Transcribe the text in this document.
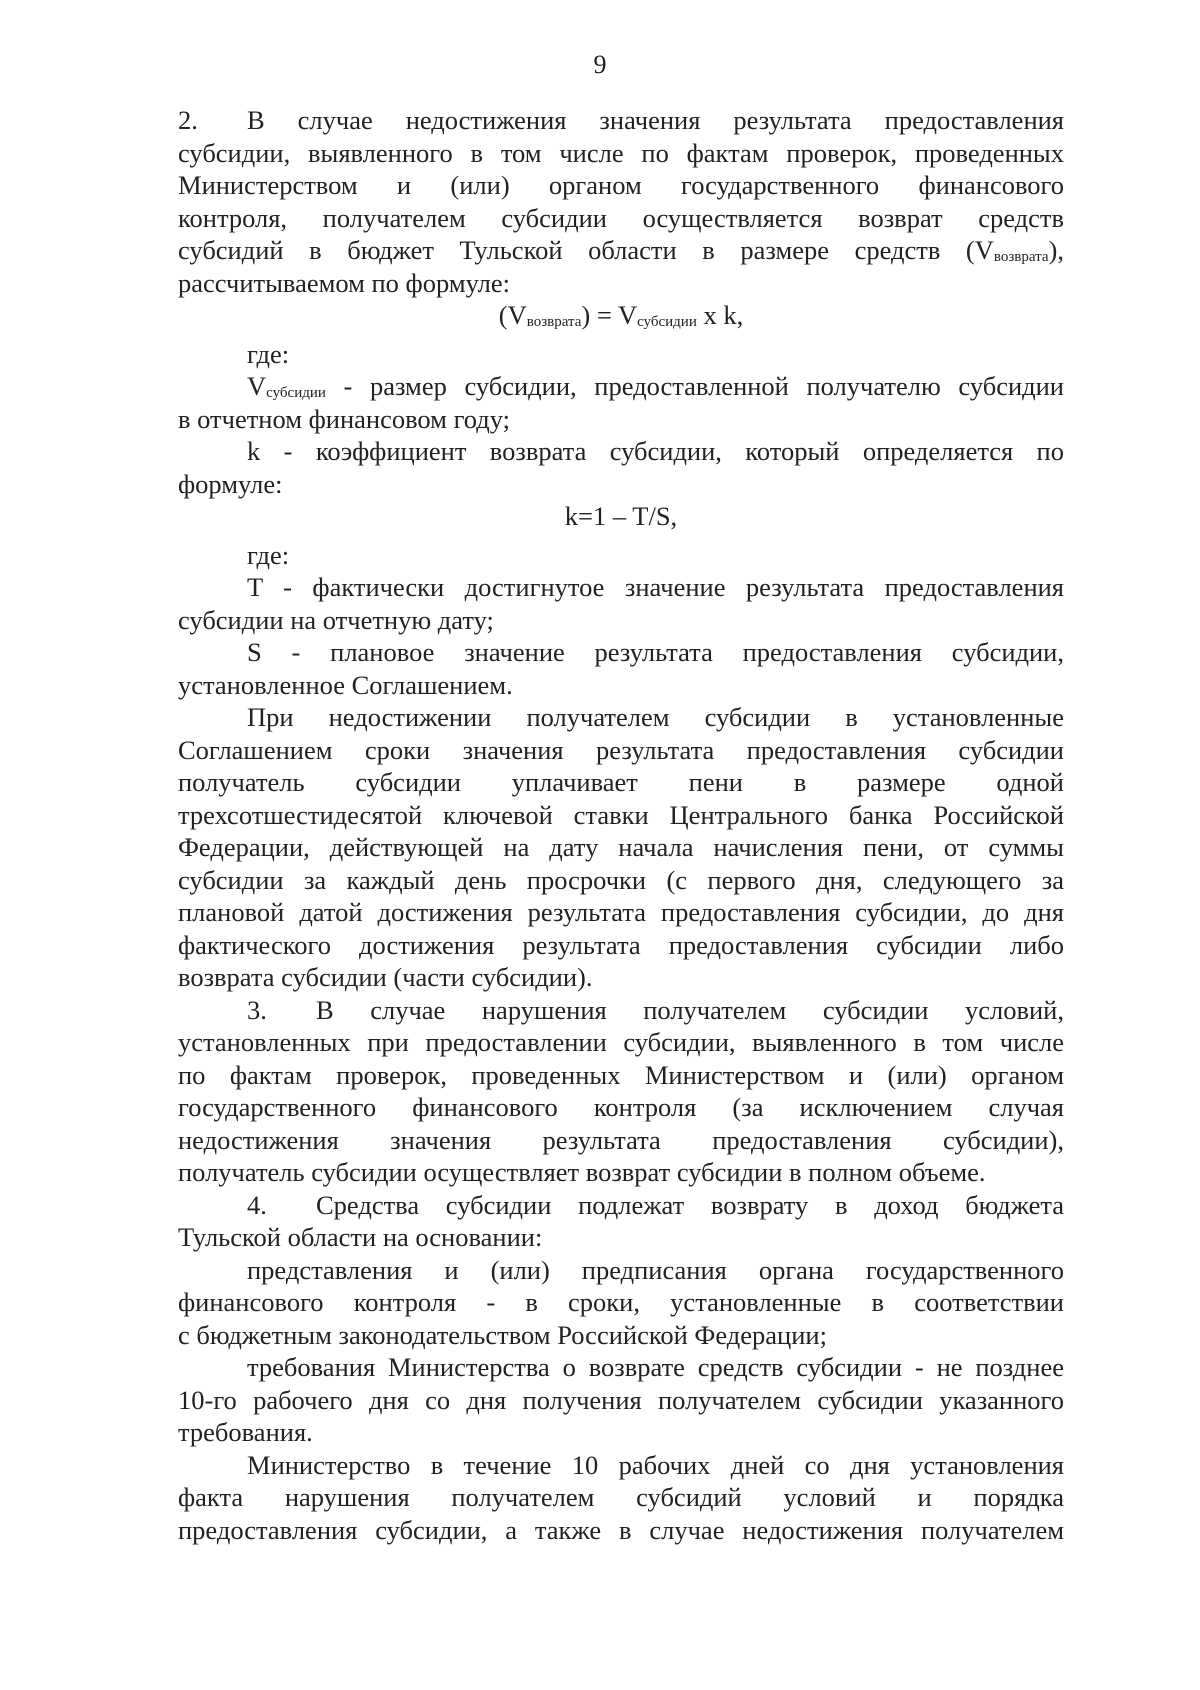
9

2. В случае недостижения значения результата предоставления

субсидии, выявленного в том числе по фактам проверок, проведенных

Министерством и (или) органом государственного финансового

контроля, получателем субсидии осуществляется возврат средств

субсидий в бюджет Тульской области в размере средств $(V_{возврата})$,

рассчитываемом по формуле:

$(V_{возврата}) = V_{субсидии}$ x k,

где:

$V_{субсидии}$ - размер субсидии, предоставленной получателю субсидии

в отчетном финансовом году;

k - коэффициент возврата субсидии, который определяется по

формуле:

k=1 – T/S,

где:

T - фактически достигнутое значение результата предоставления

субсидии на отчетную дату;

S - плановое значение результата предоставления субсидии,

установленное Соглашением.

При недостижении получателем субсидии в установленные

Соглашением сроки значения результата предоставления субсидии

получатель субсидии уплачивает пени в размере одной

трехсотшестидесятой ключевой ставки Центрального банка Российской

Федерации, действующей на дату начала начисления пени, от суммы

субсидии за каждый день просрочки (с первого дня, следующего за

плановой датой достижения результата предоставления субсидии, до дня

фактического достижения результата предоставления субсидии либо

возврата субсидии (части субсидии).

3. В случае нарушения получателем субсидии условий,

установленных при предоставлении субсидии, выявленного в том числе

по фактам проверок, проведенных Министерством и (или) органом

государственного финансового контроля (за исключением случая

недостижения значения результата предоставления субсидии),

получатель субсидии осуществляет возврат субсидии в полном объеме.

4. Средства субсидии подлежат возврату в доход бюджета

Тульской области на основании:

представления и (или) предписания органа государственного

финансового контроля - в сроки, установленные в соответствии

с бюджетным законодательством Российской Федерации;

требования Министерства о возврате средств субсидии - не позднее

10-го рабочего дня со дня получения получателем субсидии указанного

требования.

Министерство в течение 10 рабочих дней со дня установления

факта нарушения получателем субсидий условий и порядка

предоставления субсидии, а также в случае недостижения получателем
